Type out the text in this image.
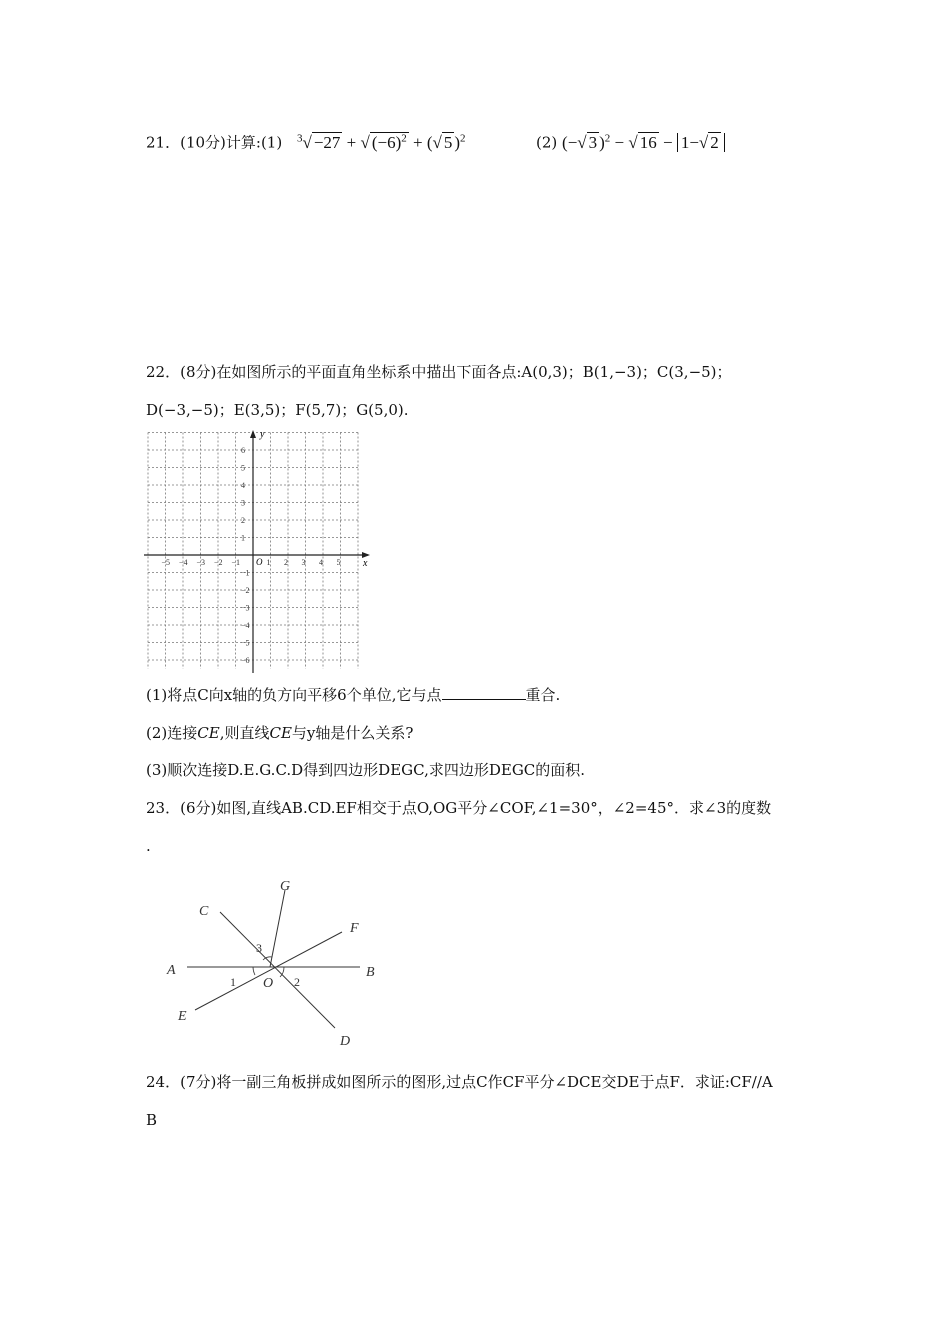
21．(10分)计算:(1) $^3$√ −27 + √ $(-6)^2$ + (√ 5 )$^2$	(2) (−√ 3 )$^2$ − √ 16 − 1−√ 2
22．(8分)在如图所示的平面直角坐标系中描出下面各点:A(0,3)；B(1,−3)；C(3,−5)；
D(−3,−5)；E(3,5)；F(5,7)；G(5,0).
x
y
O
−5 −4 −3 −2 −1	1 2 3 4 5
6
5
4
3
2
1
−1
−2
−3
−4
−5
−6
(1)将点C向x轴的负方向平移6个单位,它与点	重合.
(2)连接CE,则直线CE与y轴是什么关系?
(3)顺次连接D.E.G.C.D得到四边形DEGC,求四边形DEGC的面积.
23．(6分)如图,直线AB.CD.EF相交于点O,OG平分∠COF,∠1=30°，∠2=45°．求∠3的度数
.
A	B
C
D
E
F
G
O
1	2
3
24．(7分)将一副三角板拼成如图所示的图形,过点C作CF平分∠DCE交DE于点F．求证:CF//A
B
